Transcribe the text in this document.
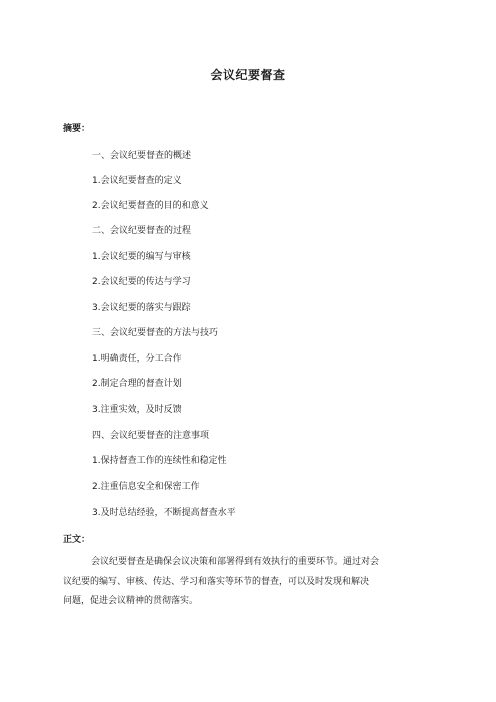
会议纪要督查
摘要：
一、会议纪要督查的概述
1.会议纪要督查的定义
2.会议纪要督查的目的和意义
二、会议纪要督查的过程
1.会议纪要的编写与审核
2.会议纪要的传达与学习
3.会议纪要的落实与跟踪
三、会议纪要督查的方法与技巧
1.明确责任，分工合作
2.制定合理的督查计划
3.注重实效，及时反馈
四、会议纪要督查的注意事项
1.保持督查工作的连续性和稳定性
2.注重信息安全和保密工作
3.及时总结经验，不断提高督查水平
正文：
会议纪要督查是确保会议决策和部署得到有效执行的重要环节。通过对会
议纪要的编写、审核、传达、学习和落实等环节的督查，可以及时发现和解决
问题，促进会议精神的贯彻落实。
